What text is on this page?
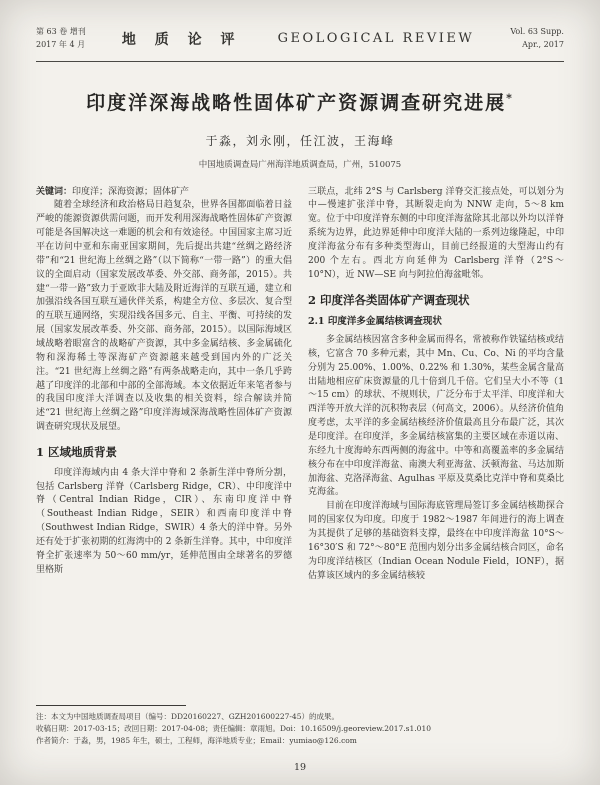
第 63 卷 增刊
2017 年 4 月	地 质 论 评	GEOLOGICAL REVIEW	Vol. 63 Supp.
Apr., 2017
印度洋深海战略性固体矿产资源调查研究进展*
于淼，刘永刚，任江波，王海峰
中国地质调查局广州海洋地质调查局，广州，510075

关键词：印度洋；深海资源；固体矿产

随着全球经济和政治格局日趋复杂，世界各国都面临着日益严峻的能源资源供需问题，而开发利用深海战略性固体矿产资源可能是各国解决这一难题的机会和有效途径。中国国家主席习近平在访问中亚和东南亚国家期间，先后提出共建“丝绸之路经济带”和“21 世纪海上丝绸之路”（以下简称“一带一路”）的重大倡议的全面启动（国家发展改革委、外交部、商务部，2015）。共建“一带一路”致力于亚欧非大陆及附近海洋的互联互通，建立和加强沿线各国互联互通伙伴关系，构建全方位、多层次、复合型的互联互通网络，实现沿线各国多元、自主、平衡、可持续的发展（国家发展改革委、外交部、商务部，2015）。以国际海域区域战略着眼富含的战略矿产资源，其中多金属结核、多金属硫化物和深海稀土等深海矿产资源越来越受到国内外的广泛关注。“21 世纪海上丝绸之路”有两条战略走向，其中一条几乎跨越了印度洋的北部和中部的全部海域。本文依据近年来笔者参与的我国印度洋大洋调查以及收集的相关资料，综合解读并简述“21 世纪海上丝绸之路”印度洋海域深海战略性固体矿产资源调查研究现状及展望。

1 区域地质背景

印度洋海域内由 4 条大洋中脊和 2 条新生洋中脊所分割，包括 Carlsberg 洋脊（Carlsberg Ridge，CR）、中印度洋中脊（Central Indian Ridge，CIR）、东南印度洋中脊（Southeast Indian Ridge，SEIR）和西南印度洋中脊（Southwest Indian Ridge，SWIR）4 条大的洋中脊。另外还有处于扩张初期的红海湾中的 2 条新生洋脊。其中，中印度洋脊全扩张速率为 50～60 mm/yr，延伸范围由全球著名的罗德里格斯

三联点，北纬 2°S 与 Carlsberg 洋脊交汇接点处，可以划分为中—慢速扩张洋中脊，其断裂走向为 NNW 走向，5～8 km 宽。位于中印度洋脊东侧的中印度洋海盆除其北部以外均以洋脊系统为边界，此边界延伸中印度洋大陆的一系列边缘隆起，中印度洋海盆分布有多种类型海山，目前已经报道的大型海山约有 200 个左右。西北方向延伸为 Carlsberg 洋脊（2°S～10°N），近 NW—SE 向与阿拉伯海盆毗邻。

2 印度洋各类固体矿产调查现状
2.1 印度洋多金属结核调查现状

多金属结核因富含多种金属而得名，常被称作铁锰结核或结核，它富含 70 多种元素，其中 Mn、Cu、Co、Ni 的平均含量分别为 25.00%、1.00%、0.22% 和 1.30%，某些金属含量高出陆地相应矿床资源量的几十倍到几千倍。它们呈大小不等（1～15 cm）的球状、不规则状，广泛分布于太平洋、印度洋和大西洋等开放大洋的沉积物表层（何高文，2006）。从经济价值角度考虑，太平洋的多金属结核经济价值最高且分布最广泛，其次是印度洋。在印度洋，多金属结核富集的主要区域在赤道以南、东经九十度海岭东西两侧的海盆中。中等和高覆盖率的多金属结核分布在中印度洋海盆、南澳大利亚海盆、沃顿海盆、马达加斯加海盆、克洛泽海盆、Agulhas 平原及莫桑比克洋中脊和莫桑比克海盆。

目前在印度洋海域与国际海底管理局签订多金属结核勘探合同的国家仅为印度。印度于 1982～1987 年间进行的海上调查为其提供了足够的基础资料支撑，最终在中印度洋海盆 10°S～16°30′S 和 72°～80°E 范围内划分出多金属结核合同区，命名为印度洋结核区（Indian Ocean Nodule Field，IONF），据估算该区域内的多金属结核较

注：本文为中国地质调查局项目（编号：DD20160227、GZH201600227-45）的成果。

收稿日期：2017-03-15；改回日期：2017-04-08；责任编辑：章雨旭。Doi：10.16509/j.georeview.2017.s1.010

作者简介：于淼，男，1985 年生，硕士，工程师，海洋地质专业；Email：yumiao@126.com

19
